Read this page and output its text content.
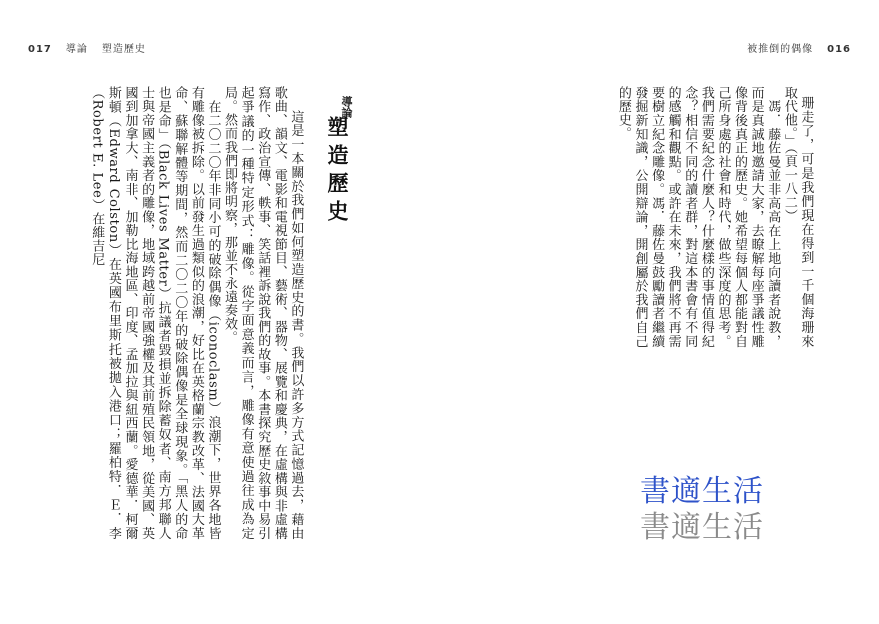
017 導論 塑造歷史	被推倒的偶像 016

珊走了，可是我們現在得到一千個海珊來取代他。」（頁一八二）
　馮．藤佐曼並非高高在上地向讀者說教，而是真誠地邀請大家，去瞭解每座爭議性雕像背後真正的歷史。她希望每個人都能對自己所身處的社會和時代，做些深度的思考。我們需要紀念什麼人？什麼樣的事情值得紀念？相信不同的讀者群，對這本書會有不同的感觸和觀點。或許在未來，我們將不再需要樹立紀念雕像。馮．藤佐曼鼓勵讀者繼續發掘新知識，公開辯論，開創屬於我們自己的歷史。

導論
塑造歷史

　這是一本關於我們如何塑造歷史的書。我們以許多方式記憶過去，藉由歌曲、韻文、電影和電視節目、藝術、器物、展覽和慶典，在虛構與非虛構寫作、政治宣傳、軼事、笑話裡訴說我們的故事。本書探究歷史敘事中易引起爭議的一種特定形式：雕像。從字面意義而言，雕像有意使過往成為定局。然而我們即將明察，那並不永遠奏效。
　在二〇二〇年非同小可的破除偶像（iconoclasm）浪潮下，世界各地皆有雕像被拆除。以前發生過類似的浪潮，好比在英格蘭宗教改革、法國大革命、蘇聯解體等期間，然而二〇二〇年的破除偶像是全球現象。「黑人的命也是命」（Black Lives Matter）抗議者毀損並拆除蓄奴者、南方邦聯人士與帝國主義者的雕像，地域跨越前帝國強權及其前殖民領地，從美國、英國到加拿大、南非、加勒比海地區、印度、孟加拉與紐西蘭。愛德華．柯爾斯頓（Edward Colston）在英國布里斯托被拋入港口；羅柏特．Ｅ．李（Robert E. Lee）在維吉尼

書適生活
書適生活
